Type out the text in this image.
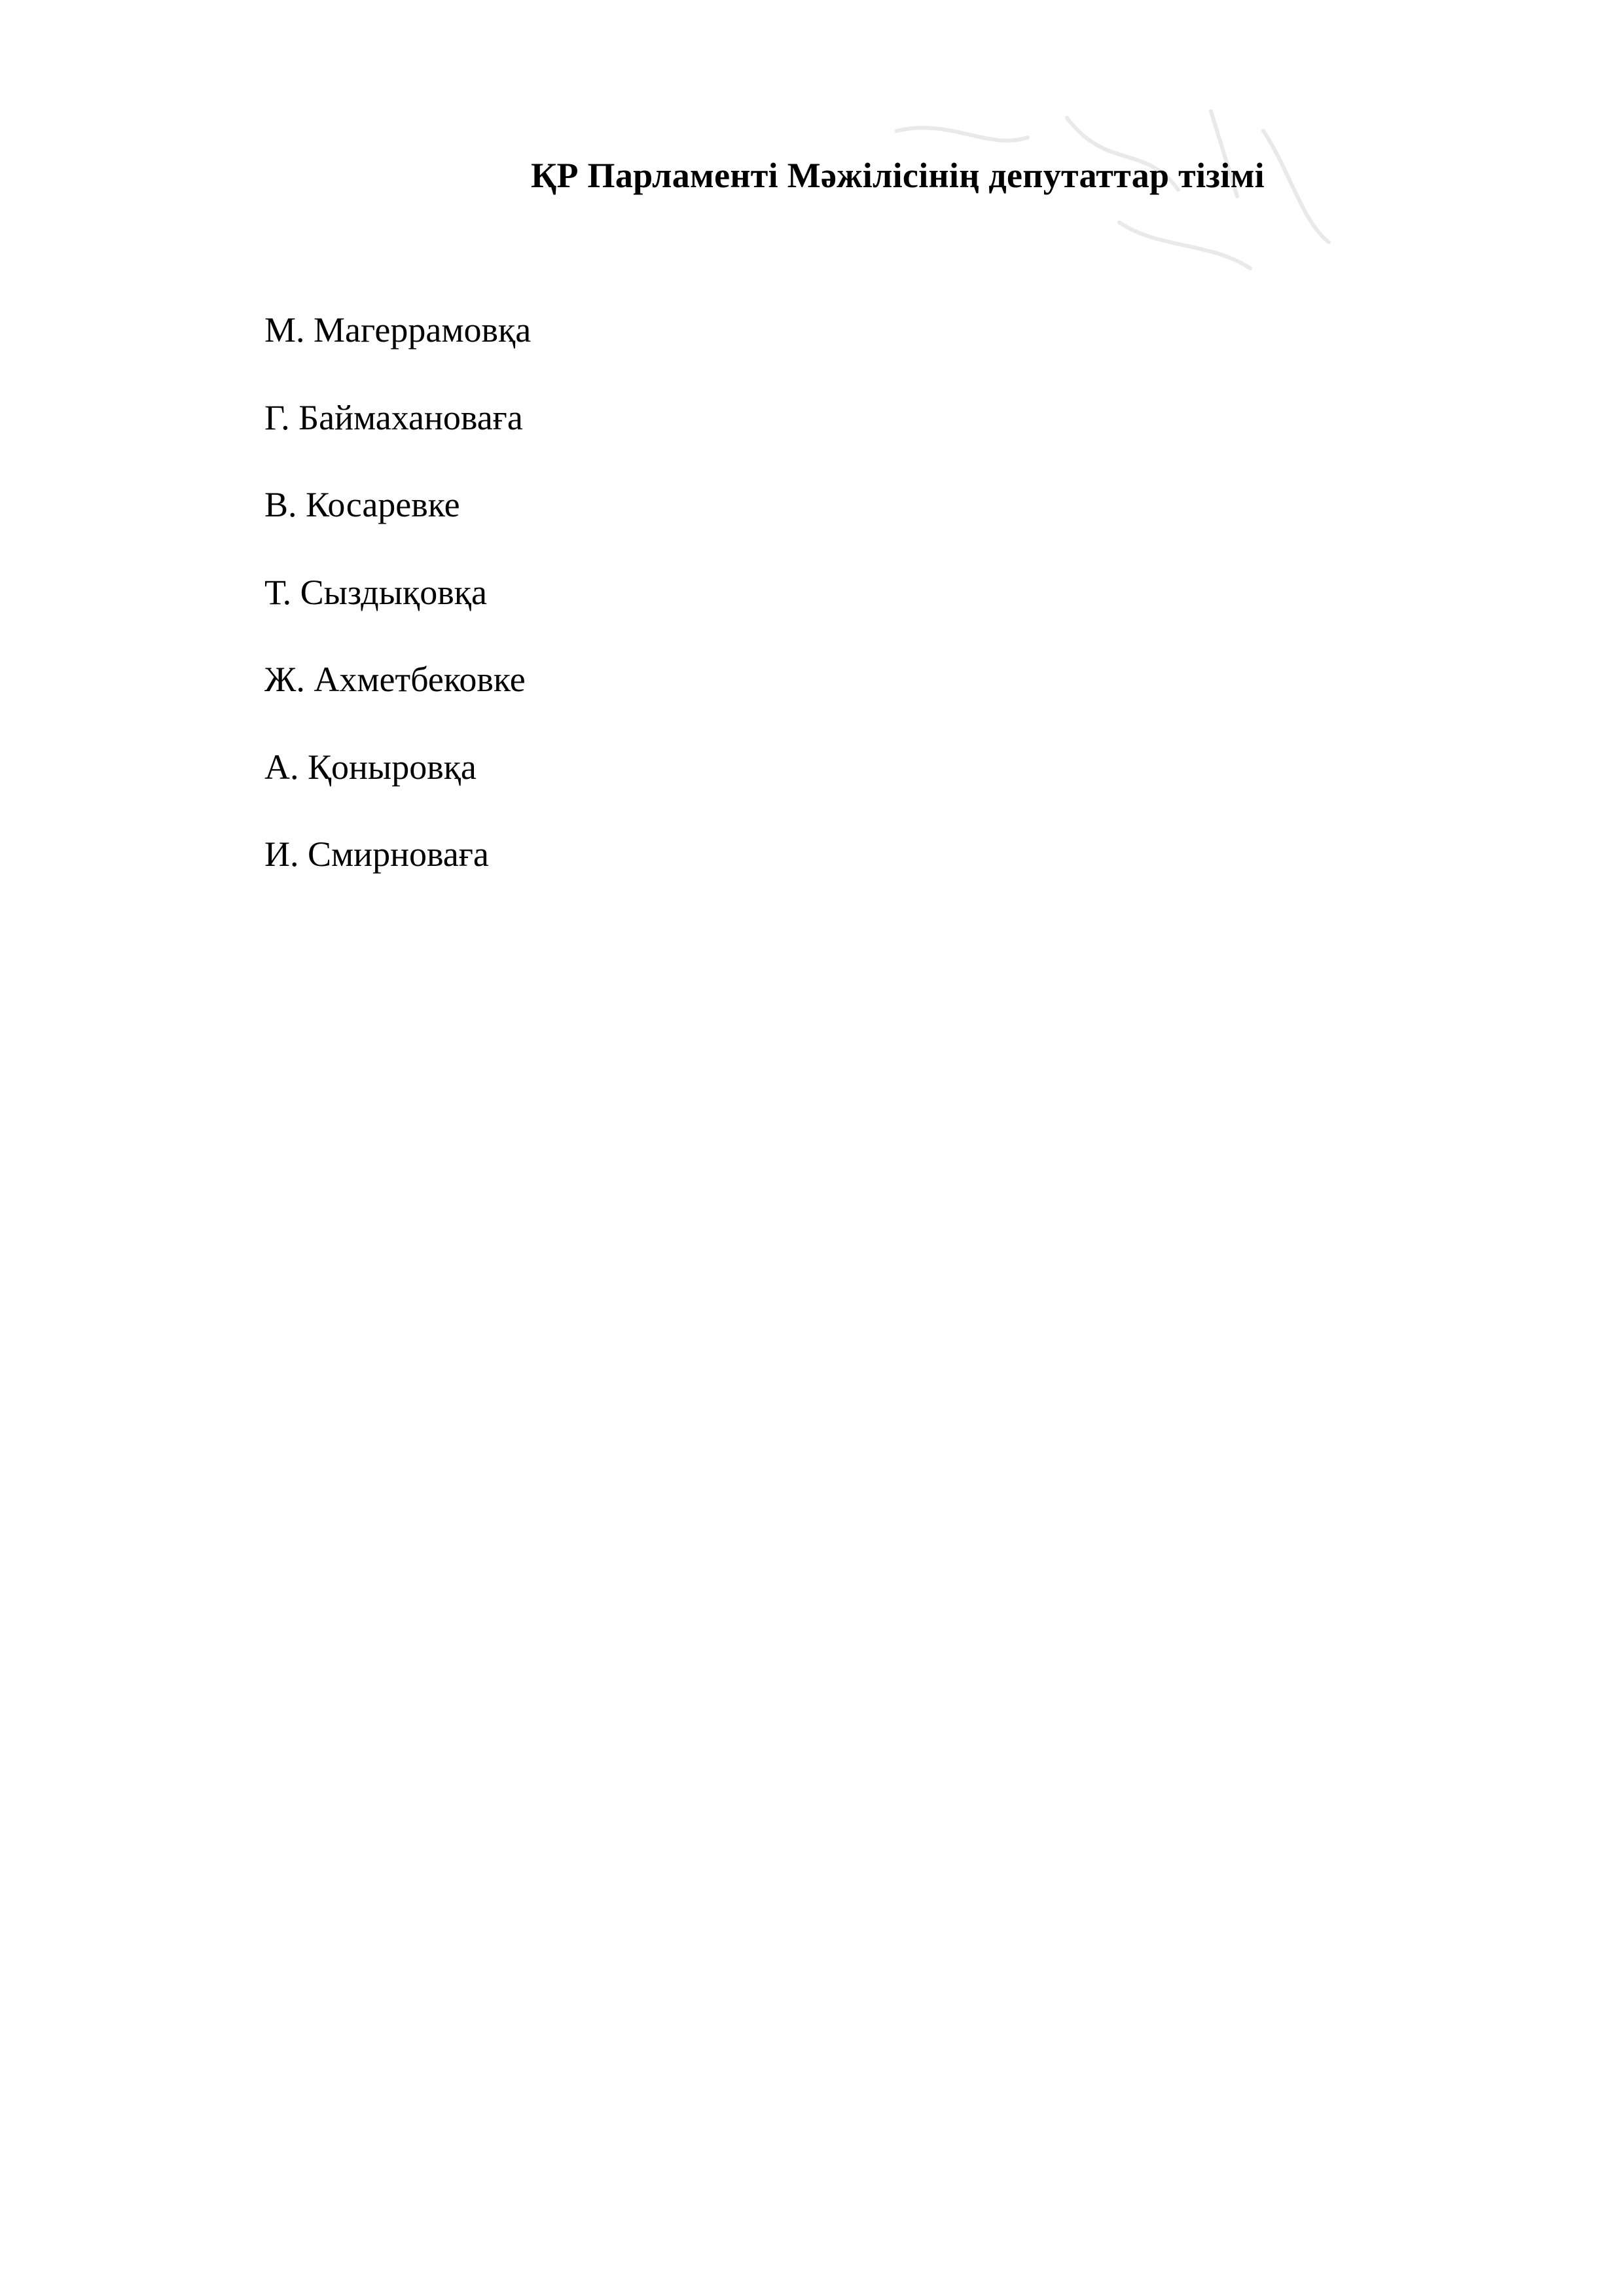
ҚР Парламенті Мәжілісінің депутаттар тізімі
М. Магеррамовқа
Г. Баймахановаға
В. Косаревке
Т. Сыздықовқа
Ж. Ахметбековке
А. Қоныровқа
И. Смирноваға
